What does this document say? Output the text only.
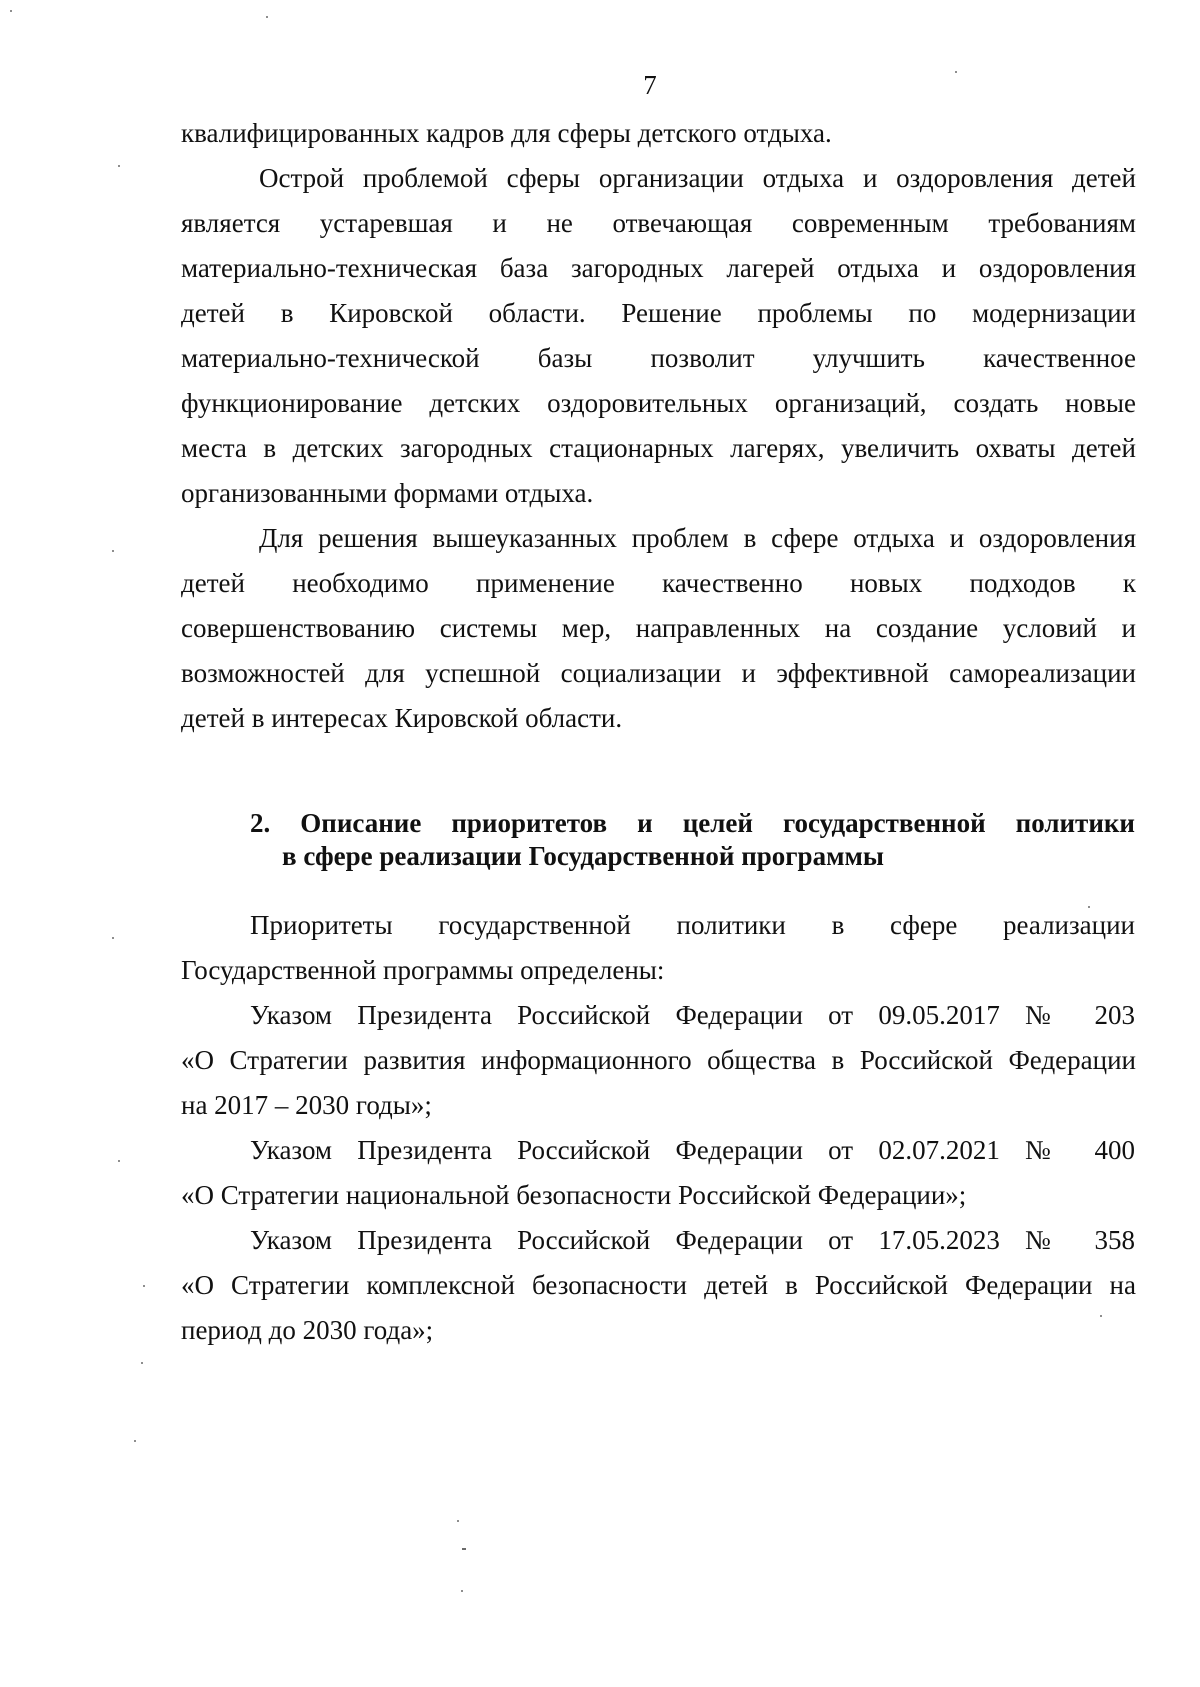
7
квалифицированных кадров для сферы детского отдыха.
Острой проблемой сферы организации отдыха и оздоровления детей
является устаревшая и не отвечающая современным требованиям
материально-техническая база загородных лагерей отдыха и оздоровления
детей в Кировской области. Решение проблемы по модернизации
материально-технической базы позволит улучшить качественное
функционирование детских оздоровительных организаций, создать новые
места в детских загородных стационарных лагерях, увеличить охваты детей
организованными формами отдыха.
Для решения вышеуказанных проблем в сфере отдыха и оздоровления
детей необходимо применение качественно новых подходов к
совершенствованию системы мер, направленных на создание условий и
возможностей для успешной социализации и эффективной самореализации
детей в интересах Кировской области.
2. Описание приоритетов и целей государственной политики
в сфере реализации Государственной программы
Приоритеты государственной политики в сфере реализации
Государственной программы определены:
Указом Президента Российской Федерации от 09.05.2017 № 203
«О Стратегии развития информационного общества в Российской Федерации
на 2017 – 2030 годы»;
Указом Президента Российской Федерации от 02.07.2021 № 400
«О Стратегии национальной безопасности Российской Федерации»;
Указом Президента Российской Федерации от 17.05.2023 № 358
«О Стратегии комплексной безопасности детей в Российской Федерации на
период до 2030 года»;
